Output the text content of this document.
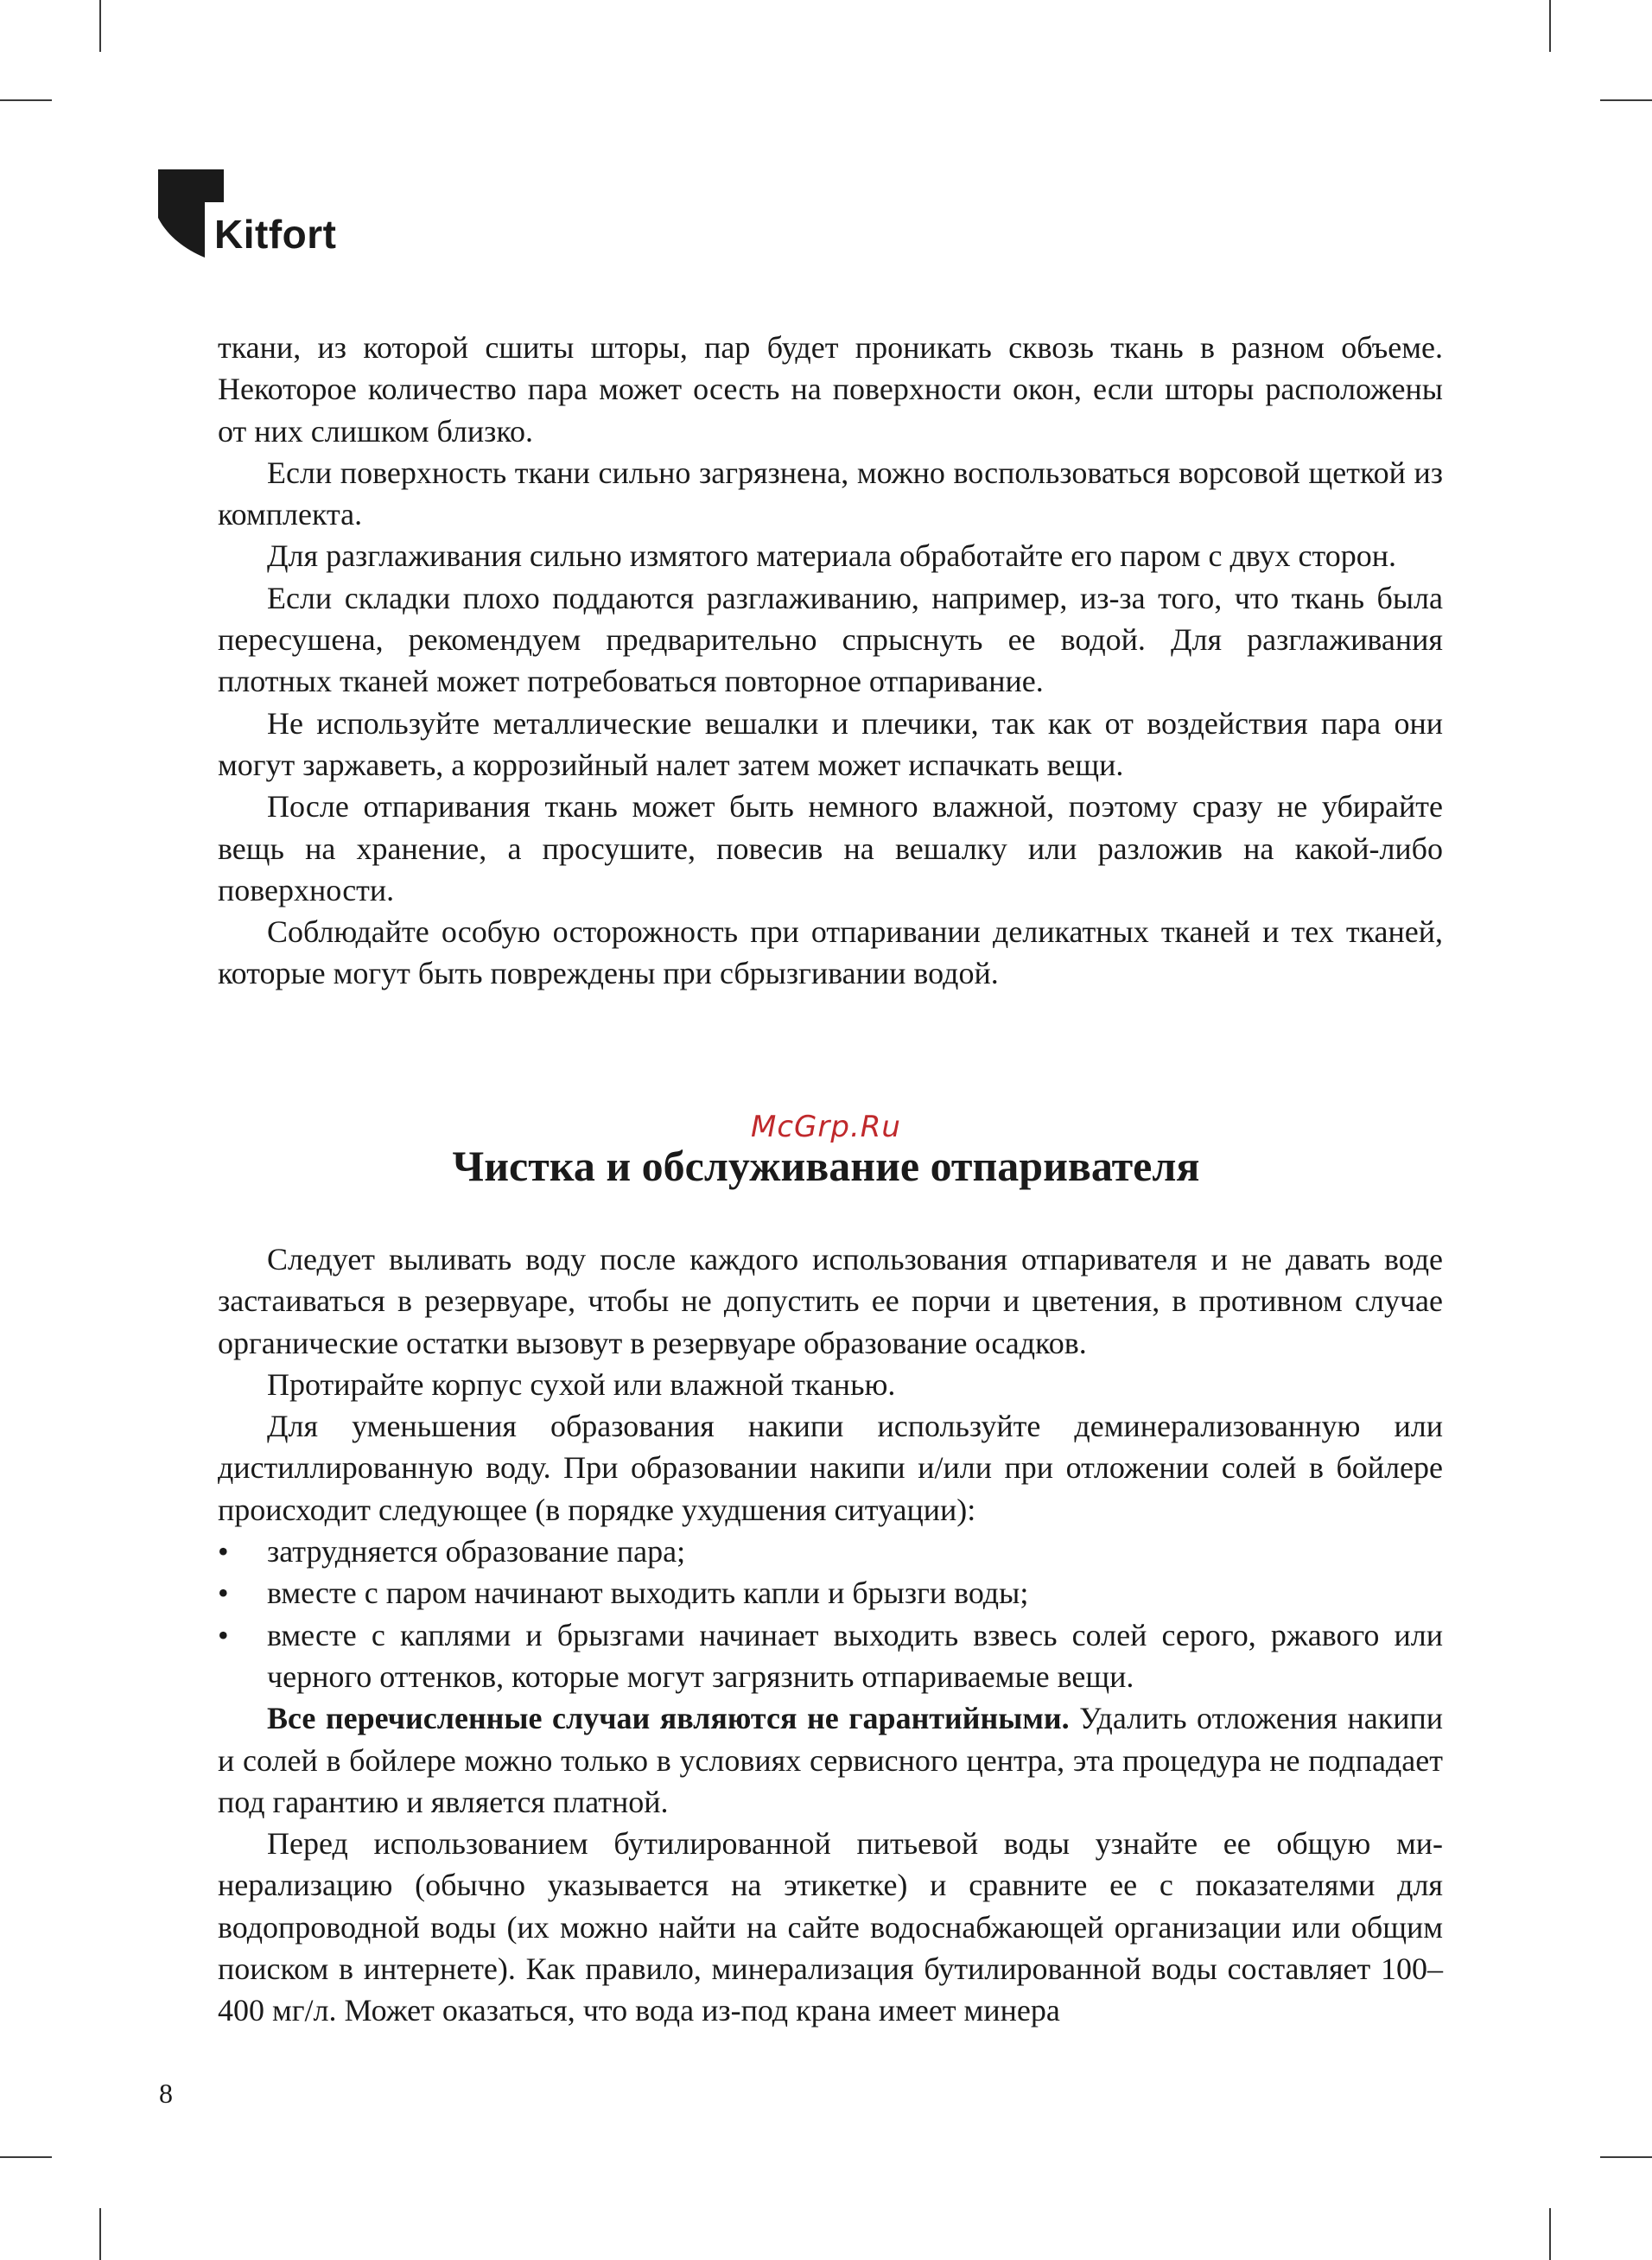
Kitfort

ткани, из которой сшиты шторы, пар будет проникать сквозь ткань в разном объеме. Некоторое количество пара может осесть на поверхности окон, если шторы расположены от них слишком близко.

Если поверхность ткани сильно загрязнена, можно воспользоваться ворсовой щеткой из комплекта.

Для разглаживания сильно измятого материала обработайте его паром с двух сторон.

Если складки плохо поддаются разглаживанию, например, из-за того, что ткань была пересушена, рекомендуем предварительно спрыснуть ее водой. Для разглаживания плотных тканей может потребоваться повторное отпаривание.

Не используйте металлические вешалки и плечики, так как от воздействия пара они могут заржаветь, а коррозийный налет затем может испачкать вещи.

После отпаривания ткань может быть немного влажной, поэтому сразу не убирайте вещь на хранение, а просушите, повесив на вешалку или разложив на какой-либо поверхности.

Соблюдайте особую осторожность при отпаривании деликатных тканей и тех тканей, которые могут быть повреждены при сбрызгивании водой.

McGrp.Ru
Чистка и обслуживание отпаривателя

Следует выливать воду после каждого использования отпаривателя и не давать воде застаиваться в резервуаре, чтобы не допустить ее порчи и цветения, в противном случае органические остатки вызовут в резервуаре образование осадков.

Протирайте корпус сухой или влажной тканью.

Для уменьшения образования накипи используйте деминерализованную или дистиллированную воду. При образовании накипи и/или при отложении солей в бойлере происходит следующее (в порядке ухудшения ситуации):

• затрудняется образование пара;
• вместе с паром начинают выходить капли и брызги воды;
• вместе с каплями и брызгами начинает выходить взвесь солей серого, ржавого или черного оттенков, которые могут загрязнить отпариваемые вещи.

Все перечисленные случаи являются не гарантийными. Удалить отложения накипи и солей в бойлере можно только в условиях сервисного центра, эта процедура не подпадает под гарантию и является платной.

Перед использованием бутилированной питьевой воды узнайте ее общую минерализацию (обычно указывается на этикетке) и сравните ее с показателями для водопроводной воды (их можно найти на сайте водоснабжающей организации или общим поиском в интернете). Как правило, минерализация бутилированной воды составляет 100–400 мг/л. Может оказаться, что вода из-под крана имеет минера

8
